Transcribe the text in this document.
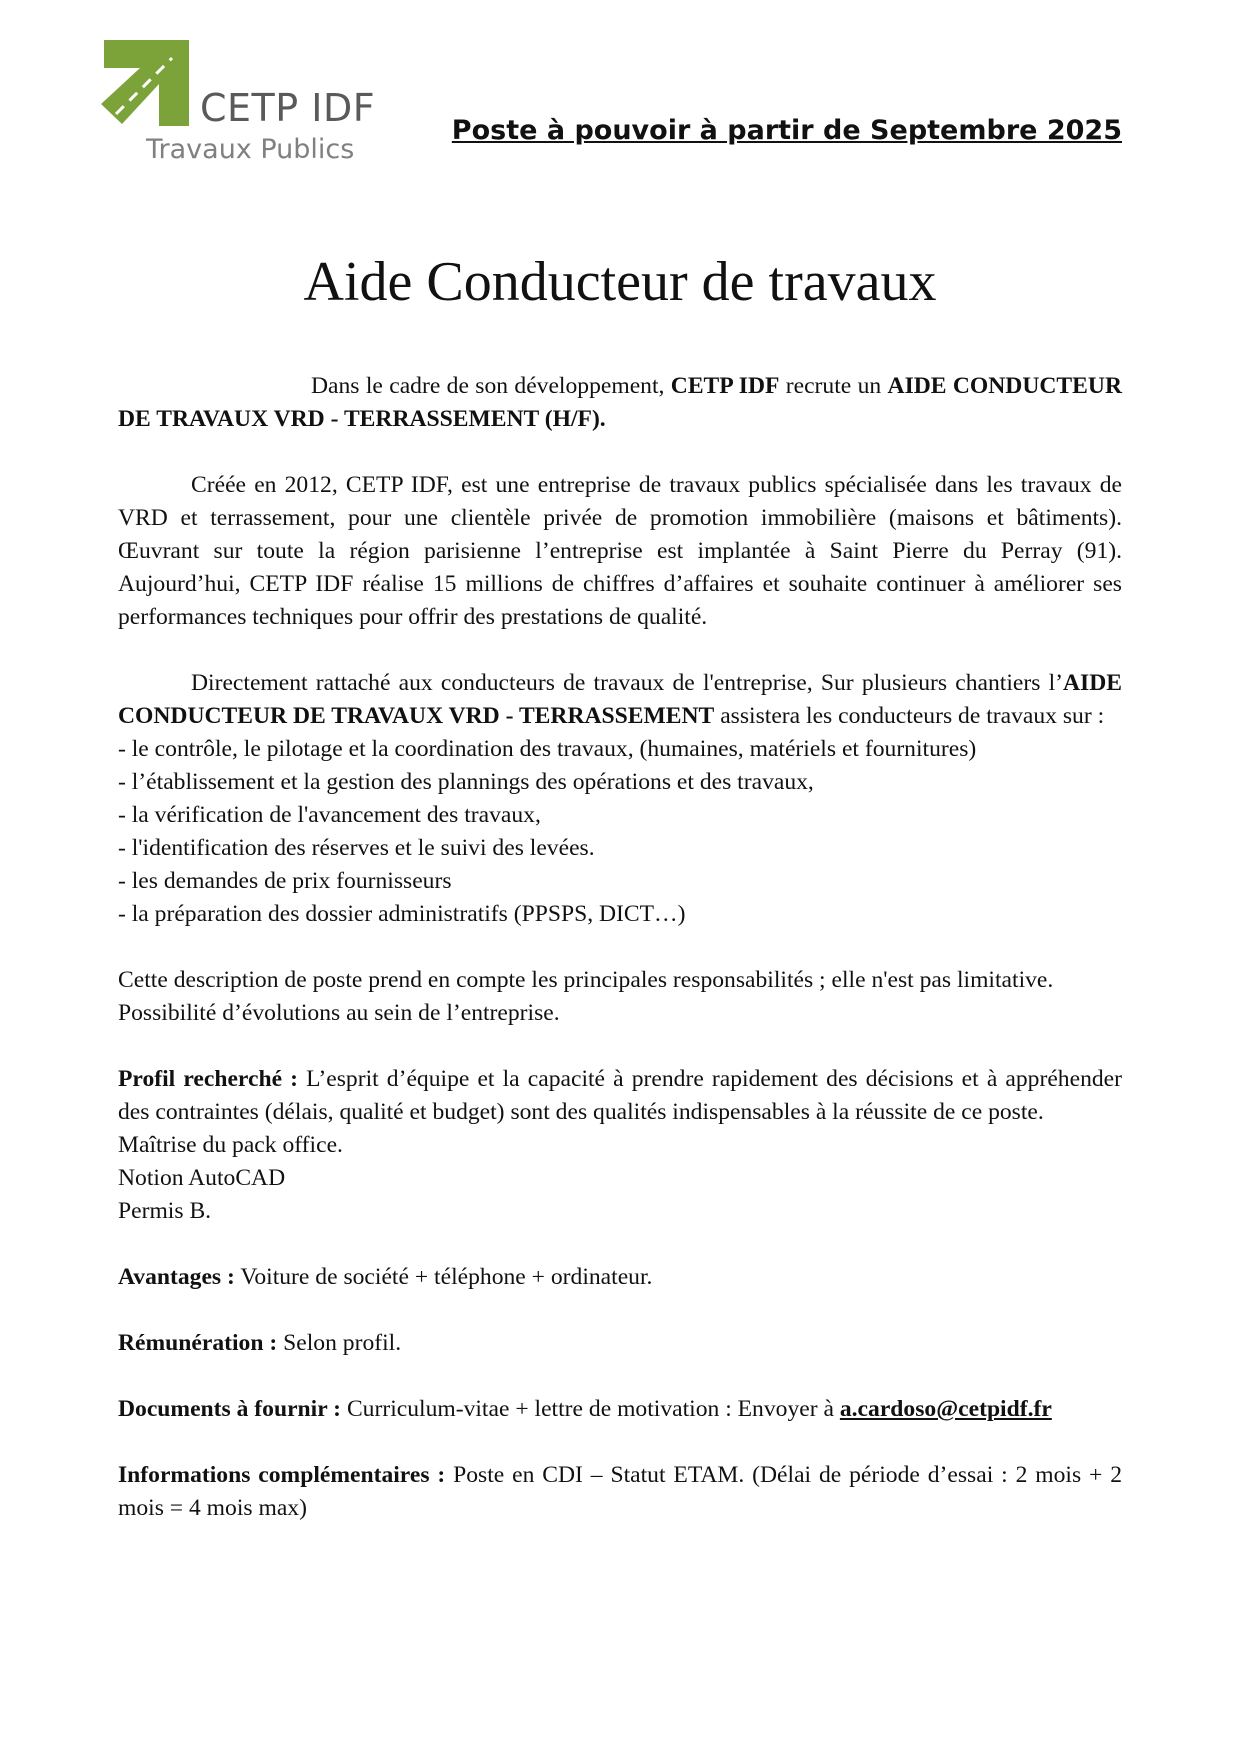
CETP IDF
Travaux Publics
Poste à pouvoir à partir de Septembre 2025
Aide Conducteur de travaux

Dans le cadre de son développement, CETP IDF recrute un AIDE CONDUCTEUR DE TRAVAUX VRD - TERRASSEMENT (H/F).

Créée en 2012, CETP IDF, est une entreprise de travaux publics spécialisée dans les travaux de VRD et terrassement, pour une clientèle privée de promotion immobilière (maisons et bâtiments). Œuvrant sur toute la région parisienne l’entreprise est implantée à Saint Pierre du Perray (91). Aujourd’hui, CETP IDF réalise 15 millions de chiffres d’affaires et souhaite continuer à améliorer ses performances techniques pour offrir des prestations de qualité.

Directement rattaché aux conducteurs de travaux de l'entreprise, Sur plusieurs chantiers l’AIDE CONDUCTEUR DE TRAVAUX VRD - TERRASSEMENT assistera les conducteurs de travaux sur :

- le contrôle, le pilotage et la coordination des travaux, (humaines, matériels et fournitures)
- l’établissement et la gestion des plannings des opérations et des travaux,
- la vérification de l'avancement des travaux,
- l'identification des réserves et le suivi des levées.
- les demandes de prix fournisseurs
- la préparation des dossier administratifs (PPSPS, DICT…)

Cette description de poste prend en compte les principales responsabilités ; elle n'est pas limitative.

Possibilité d’évolutions au sein de l’entreprise.

Profil recherché : L’esprit d’équipe et la capacité à prendre rapidement des décisions et à appréhender des contraintes (délais, qualité et budget) sont des qualités indispensables à la réussite de ce poste.

Maîtrise du pack office.

Notion AutoCAD

Permis B.

Avantages : Voiture de société + téléphone + ordinateur.

Rémunération : Selon profil.

Documents à fournir : Curriculum-vitae + lettre de motivation : Envoyer à a.cardoso@cetpidf.fr

Informations complémentaires : Poste en CDI – Statut ETAM. (Délai de période d’essai : 2 mois + 2 mois = 4 mois max)
